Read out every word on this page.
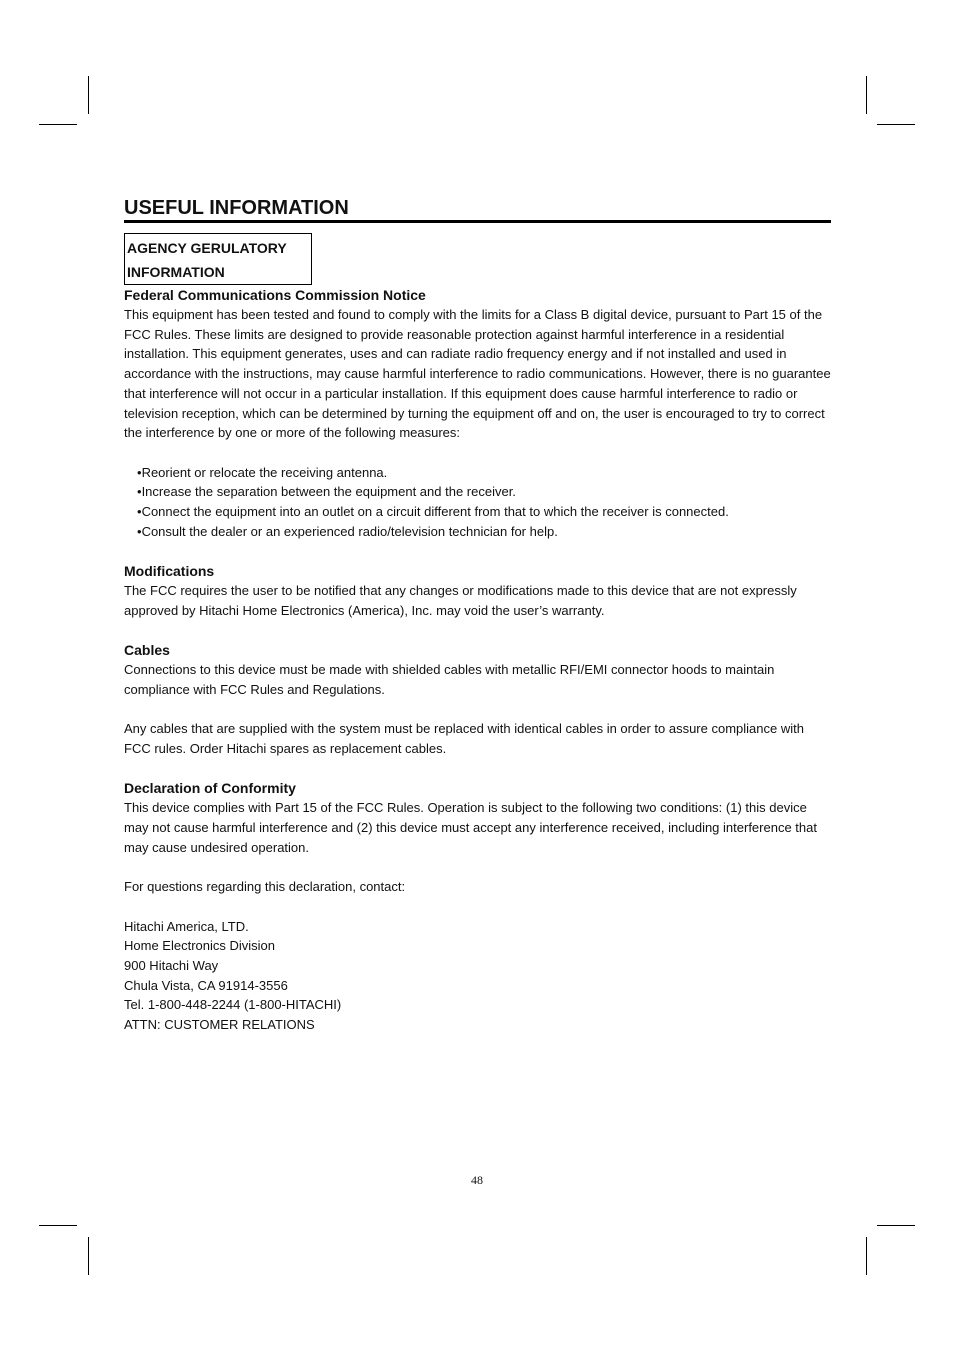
USEFUL INFORMATION
AGENCY GERULATORY
INFORMATION
Federal Communications Commission Notice

This equipment has been tested and found to comply with the limits for a Class B digital device, pursuant to Part 15 of the FCC Rules. These limits are designed to provide reasonable protection against harmful interference in a residential installation. This equipment generates, uses and can radiate radio frequency energy and if not installed and used in accordance with the instructions, may cause harmful interference to radio communications. However, there is no guarantee that interference will not occur in a particular installation. If this equipment does cause harmful interference to radio or television reception, which can be determined by turning the equipment off and on, the user is encouraged to try to correct the interference by one or more of the following measures:

• Reorient or relocate the receiving antenna.
• Increase the separation between the equipment and the receiver.
• Connect the equipment into an outlet on a circuit different from that to which the receiver is connected.
• Consult the dealer or an experienced radio/television technician for help.
Modifications

The FCC requires the user to be notified that any changes or modifications made to this device that are not expressly approved by Hitachi Home Electronics (America), Inc. may void the user’s warranty.

Cables

Connections to this device must be made with shielded cables with metallic RFI/EMI connector hoods to maintain compliance with FCC Rules and Regulations.

Any cables that are supplied with the system must be replaced with identical cables in order to assure compliance with FCC rules. Order Hitachi spares as replacement cables.

Declaration of Conformity

This device complies with Part 15 of the FCC Rules. Operation is subject to the following two conditions: (1) this device may not cause harmful interference and (2) this device must accept any interference received, including interference that may cause undesired operation.

For questions regarding this declaration, contact:

Hitachi America, LTD.
Home Electronics Division
900 Hitachi Way
Chula Vista, CA 91914-3556
Tel. 1-800-448-2244 (1-800-HITACHI)
ATTN: CUSTOMER RELATIONS
48
